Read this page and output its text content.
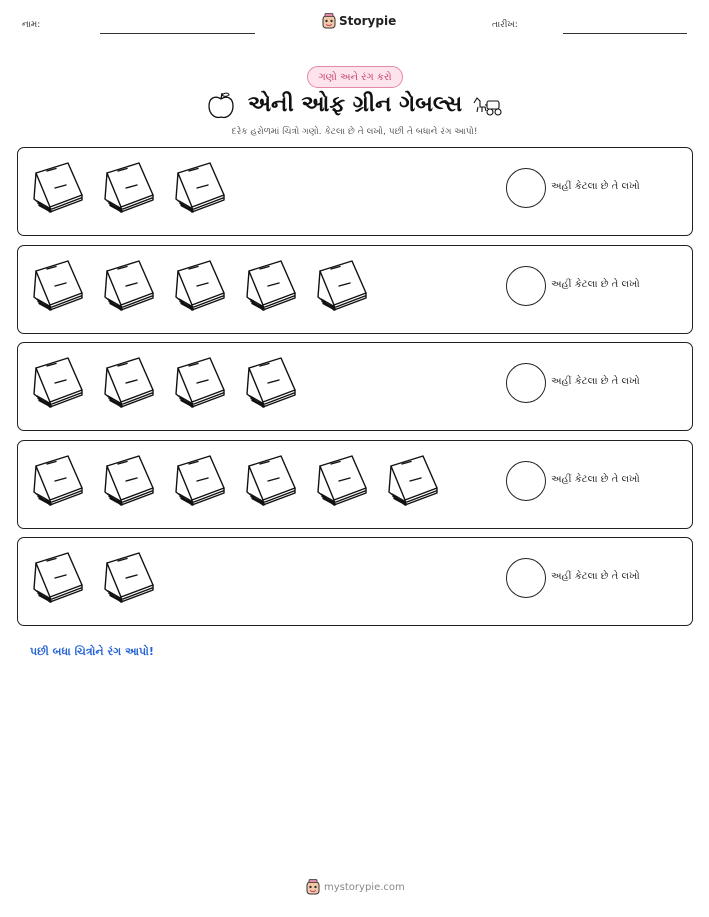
નામ:	Storypie	તારીખ:
ગણો અને રંગ કરો
એની ઓફ ગ્રીન ગેબલ્સ
દરેક હરોળમાં ચિત્રો ગણો. કેટલા છે તે લખો, પછી તે બધાને રંગ આપો!
અહીં કેટલા છે તે લખો
અહીં કેટલા છે તે લખો
અહીં કેટલા છે તે લખો
અહીં કેટલા છે તે લખો
અહીં કેટલા છે તે લખો
પછી બધા ચિત્રોને રંગ આપો!
mystorypie.com
